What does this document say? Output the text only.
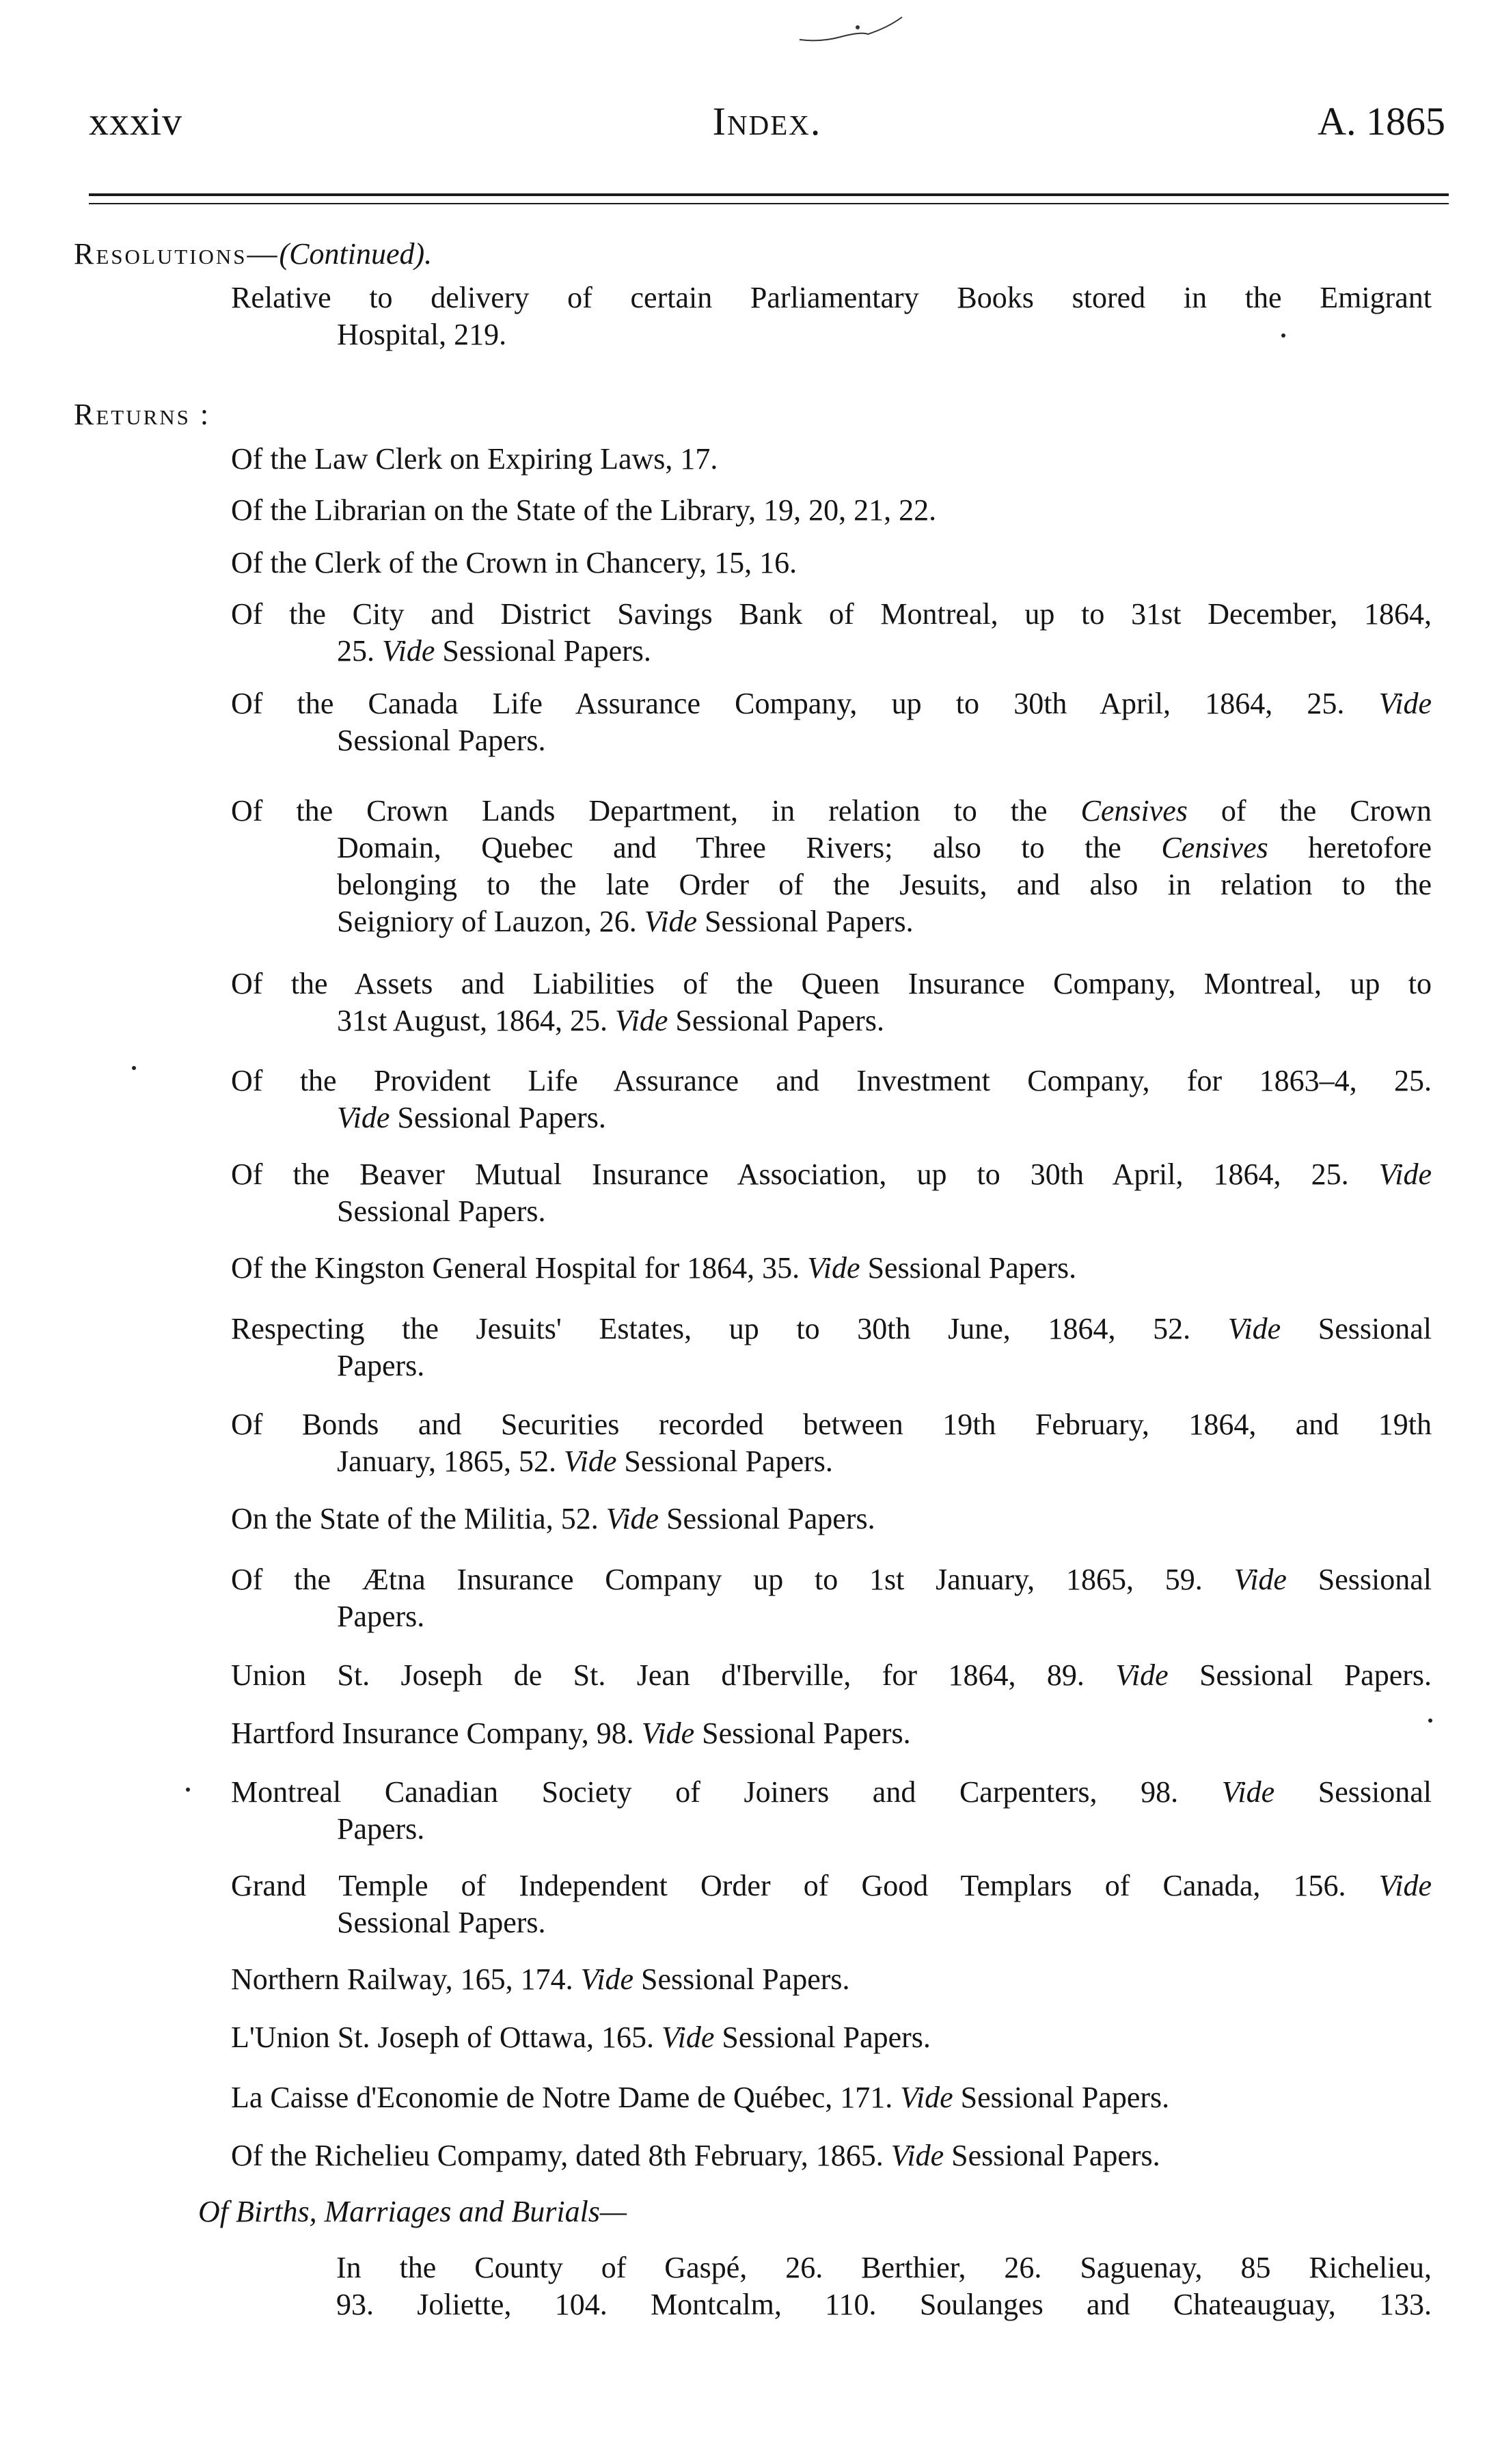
xxxiv	Index.	A. 1865
Resolutions—(Continued).
Relative to delivery of certain Parliamentary Books stored in the Emigrant
Hospital, 219.
Returns :
Of the Law Clerk on Expiring Laws, 17.
Of the Librarian on the State of the Library, 19, 20, 21, 22.
Of the Clerk of the Crown in Chancery, 15, 16.
Of the City and District Savings Bank of Montreal, up to 31st December, 1864,
25. Vide Sessional Papers.
Of the Canada Life Assurance Company, up to 30th April, 1864, 25. Vide
Sessional Papers.
Of the Crown Lands Department, in relation to the Censives of the Crown
Domain, Quebec and Three Rivers; also to the Censives heretofore
belonging to the late Order of the Jesuits, and also in relation to the
Seigniory of Lauzon, 26. Vide Sessional Papers.
Of the Assets and Liabilities of the Queen Insurance Company, Montreal, up to
31st August, 1864, 25. Vide Sessional Papers.
Of the Provident Life Assurance and Investment Company, for 1863–4, 25.
Vide Sessional Papers.
Of the Beaver Mutual Insurance Association, up to 30th April, 1864, 25. Vide
Sessional Papers.
Of the Kingston General Hospital for 1864, 35. Vide Sessional Papers.
Respecting the Jesuits' Estates, up to 30th June, 1864, 52. Vide Sessional
Papers.
Of Bonds and Securities recorded between 19th February, 1864, and 19th
January, 1865, 52. Vide Sessional Papers.
On the State of the Militia, 52. Vide Sessional Papers.
Of the Ætna Insurance Company up to 1st January, 1865, 59. Vide Sessional
Papers.
Union St. Joseph de St. Jean d'Iberville, for 1864, 89. Vide Sessional Papers.
Hartford Insurance Company, 98. Vide Sessional Papers.
Montreal Canadian Society of Joiners and Carpenters, 98. Vide Sessional
Papers.
Grand Temple of Independent Order of Good Templars of Canada, 156. Vide
Sessional Papers.
Northern Railway, 165, 174. Vide Sessional Papers.
L'Union St. Joseph of Ottawa, 165. Vide Sessional Papers.
La Caisse d'Economie de Notre Dame de Québec, 171. Vide Sessional Papers.
Of the Richelieu Compamy, dated 8th February, 1865. Vide Sessional Papers.
Of Births, Marriages and Burials—
In the County of Gaspé, 26. Berthier, 26. Saguenay, 85 Richelieu,
93. Joliette, 104. Montcalm, 110. Soulanges and Chateauguay, 133.
